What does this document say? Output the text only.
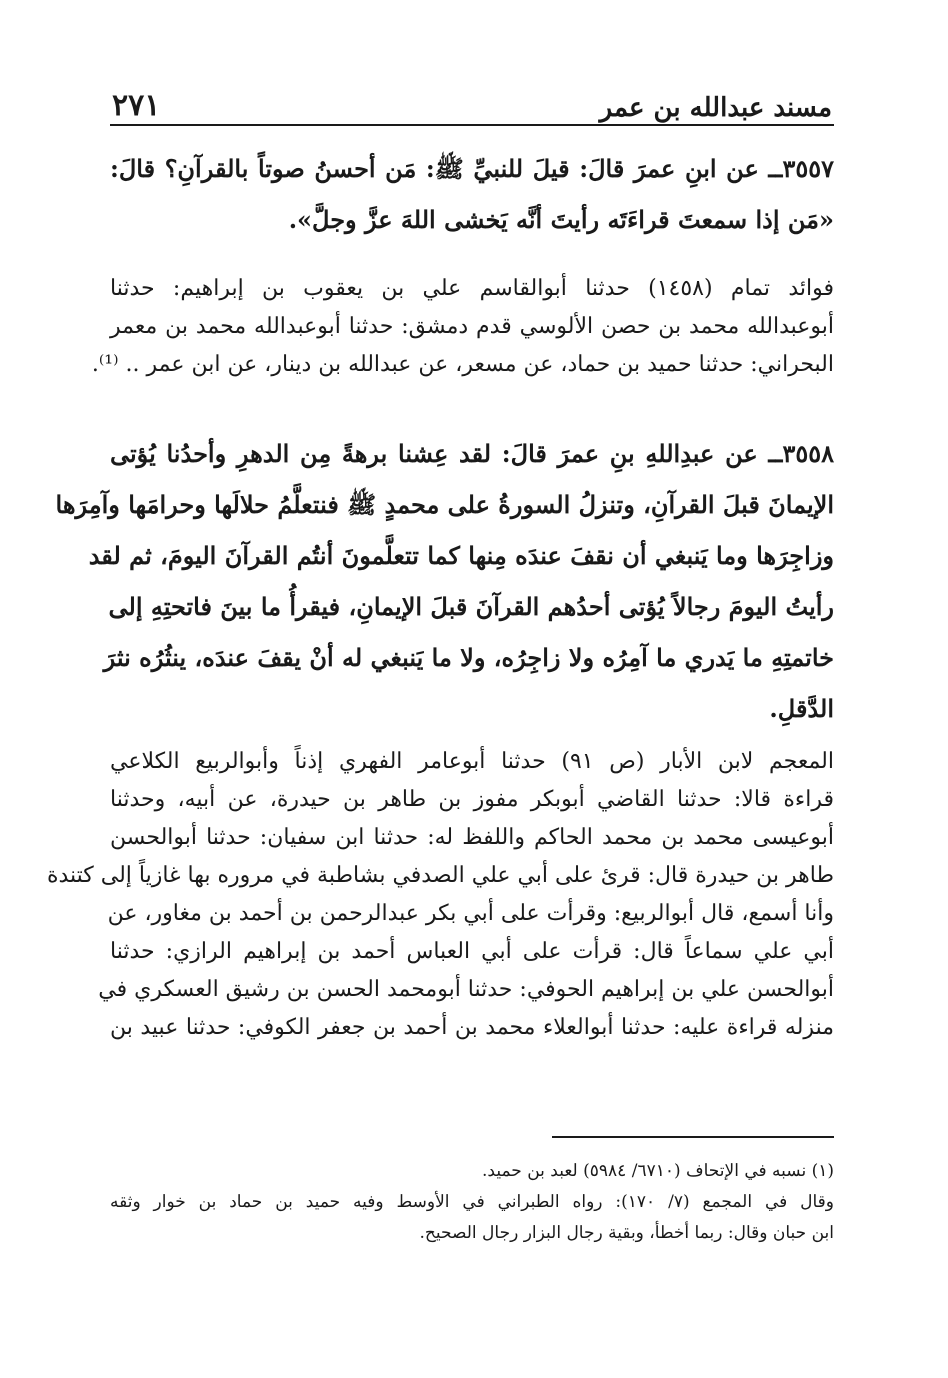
٢٧١	مسند عبدالله بن عمر
٣٥٥٧ــ عن ابنِ عمرَ قالَ: قيلَ للنبيِّ ﷺ: مَن أحسنُ صوتاً بالقرآنِ؟ قالَ:
«مَن إذا سمعتَ قراءَتَه رأيتَ أنَّه يَخشى اللهَ عزَّ وجلَّ».
فوائد تمام (١٤٥٨) حدثنا أبوالقاسم علي بن يعقوب بن إبراهيم: حدثنا
أبوعبدالله محمد بن حصن الألوسي قدم دمشق: حدثنا أبوعبدالله محمد بن معمر
البحراني: حدثنا حميد بن حماد، عن مسعر، عن عبدالله بن دينار، عن ابن عمر .. ⁽¹⁾.
٣٥٥٨ــ عن عبدِاللهِ بنِ عمرَ قالَ: لقد عِشنا برهةً مِن الدهرِ وأحدُنا يُؤتى
الإيمانَ قبلَ القرآنِ، وتنزلُ السورةُ على محمدٍ ﷺ فنتعلَّمُ حلالَها وحرامَها وآمِرَها
وزاجِرَها وما يَنبغي أن نقفَ عندَه مِنها كما تتعلَّمونَ أنتُم القرآنَ اليومَ، ثم لقد
رأيتُ اليومَ رجالاً يُؤتى أحدُهم القرآنَ قبلَ الإيمانِ، فيقرأُ ما بينَ فاتحتِهِ إلى
خاتمتِهِ ما يَدري ما آمِرُه ولا زاجِرُه، ولا ما يَنبغي له أنْ يقفَ عندَه، ينثُرُه نثرَ
الدَّقلِ.
المعجم لابن الأبار (ص ٩١) حدثنا أبوعامر الفهري إذناً وأبوالربيع الكلاعي
قراءة قالا: حدثنا القاضي أبوبكر مفوز بن طاهر بن حيدرة، عن أبيه، وحدثنا
أبوعيسى محمد بن محمد الحاكم واللفظ له: حدثنا ابن سفيان: حدثنا أبوالحسن
طاهر بن حيدرة قال: قرئ على أبي علي الصدفي بشاطبة في مروره بها غازياً إلى كتندة
وأنا أسمع، قال أبوالربيع: وقرأت على أبي بكر عبدالرحمن بن أحمد بن مغاور، عن
أبي علي سماعاً قال: قرأت على أبي العباس أحمد بن إبراهيم الرازي: حدثنا
أبوالحسن علي بن إبراهيم الحوفي: حدثنا أبومحمد الحسن بن رشيق العسكري في
منزله قراءة عليه: حدثنا أبوالعلاء محمد بن أحمد بن جعفر الكوفي: حدثنا عبيد بن
(١) نسبه في الإتحاف (٦٧١٠/ ٥٩٨٤) لعبد بن حميد.
وقال في المجمع (٧/ ١٧٠): رواه الطبراني في الأوسط وفيه حميد بن حماد بن خوار وثقه
ابن حبان وقال: ربما أخطأ، وبقية رجال البزار رجال الصحيح.
